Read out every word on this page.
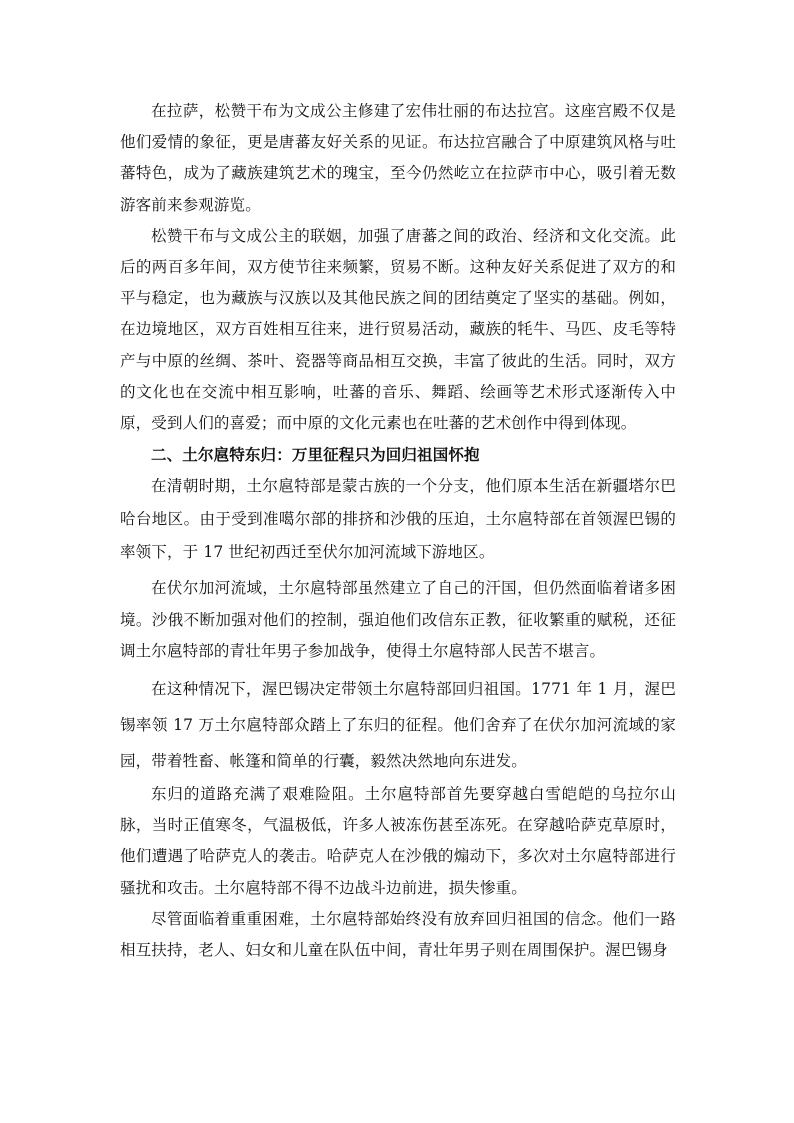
在拉萨，松赞干布为文成公主修建了宏伟壮丽的布达拉宫。这座宫殿不仅是他们爱情的象征，更是唐蕃友好关系的见证。布达拉宫融合了中原建筑风格与吐蕃特色，成为了藏族建筑艺术的瑰宝，至今仍然屹立在拉萨市中心，吸引着无数游客前来参观游览。

松赞干布与文成公主的联姻，加强了唐蕃之间的政治、经济和文化交流。此后的两百多年间，双方使节往来频繁，贸易不断。这种友好关系促进了双方的和平与稳定，也为藏族与汉族以及其他民族之间的团结奠定了坚实的基础。例如，在边境地区，双方百姓相互往来，进行贸易活动，藏族的牦牛、马匹、皮毛等特产与中原的丝绸、茶叶、瓷器等商品相互交换，丰富了彼此的生活。同时，双方的文化也在交流中相互影响，吐蕃的音乐、舞蹈、绘画等艺术形式逐渐传入中原，受到人们的喜爱；而中原的文化元素也在吐蕃的艺术创作中得到体现。

二、土尔扈特东归：万里征程只为回归祖国怀抱

在清朝时期，土尔扈特部是蒙古族的一个分支，他们原本生活在新疆塔尔巴哈台地区。由于受到准噶尔部的排挤和沙俄的压迫，土尔扈特部在首领渥巴锡的率领下，于 17 世纪初西迁至伏尔加河流域下游地区。

在伏尔加河流域，土尔扈特部虽然建立了自己的汗国，但仍然面临着诸多困境。沙俄不断加强对他们的控制，强迫他们改信东正教，征收繁重的赋税，还征调土尔扈特部的青壮年男子参加战争，使得土尔扈特部人民苦不堪言。

在这种情况下，渥巴锡决定带领土尔扈特部回归祖国。1771 年 1 月，渥巴锡率领 17 万土尔扈特部众踏上了东归的征程。他们舍弃了在伏尔加河流域的家园，带着牲畜、帐篷和简单的行囊，毅然决然地向东进发。

东归的道路充满了艰难险阻。土尔扈特部首先要穿越白雪皑皑的乌拉尔山脉，当时正值寒冬，气温极低，许多人被冻伤甚至冻死。在穿越哈萨克草原时，他们遭遇了哈萨克人的袭击。哈萨克人在沙俄的煽动下，多次对土尔扈特部进行骚扰和攻击。土尔扈特部不得不边战斗边前进，损失惨重。

尽管面临着重重困难，土尔扈特部始终没有放弃回归祖国的信念。他们一路相互扶持，老人、妇女和儿童在队伍中间，青壮年男子则在周围保护。渥巴锡身
